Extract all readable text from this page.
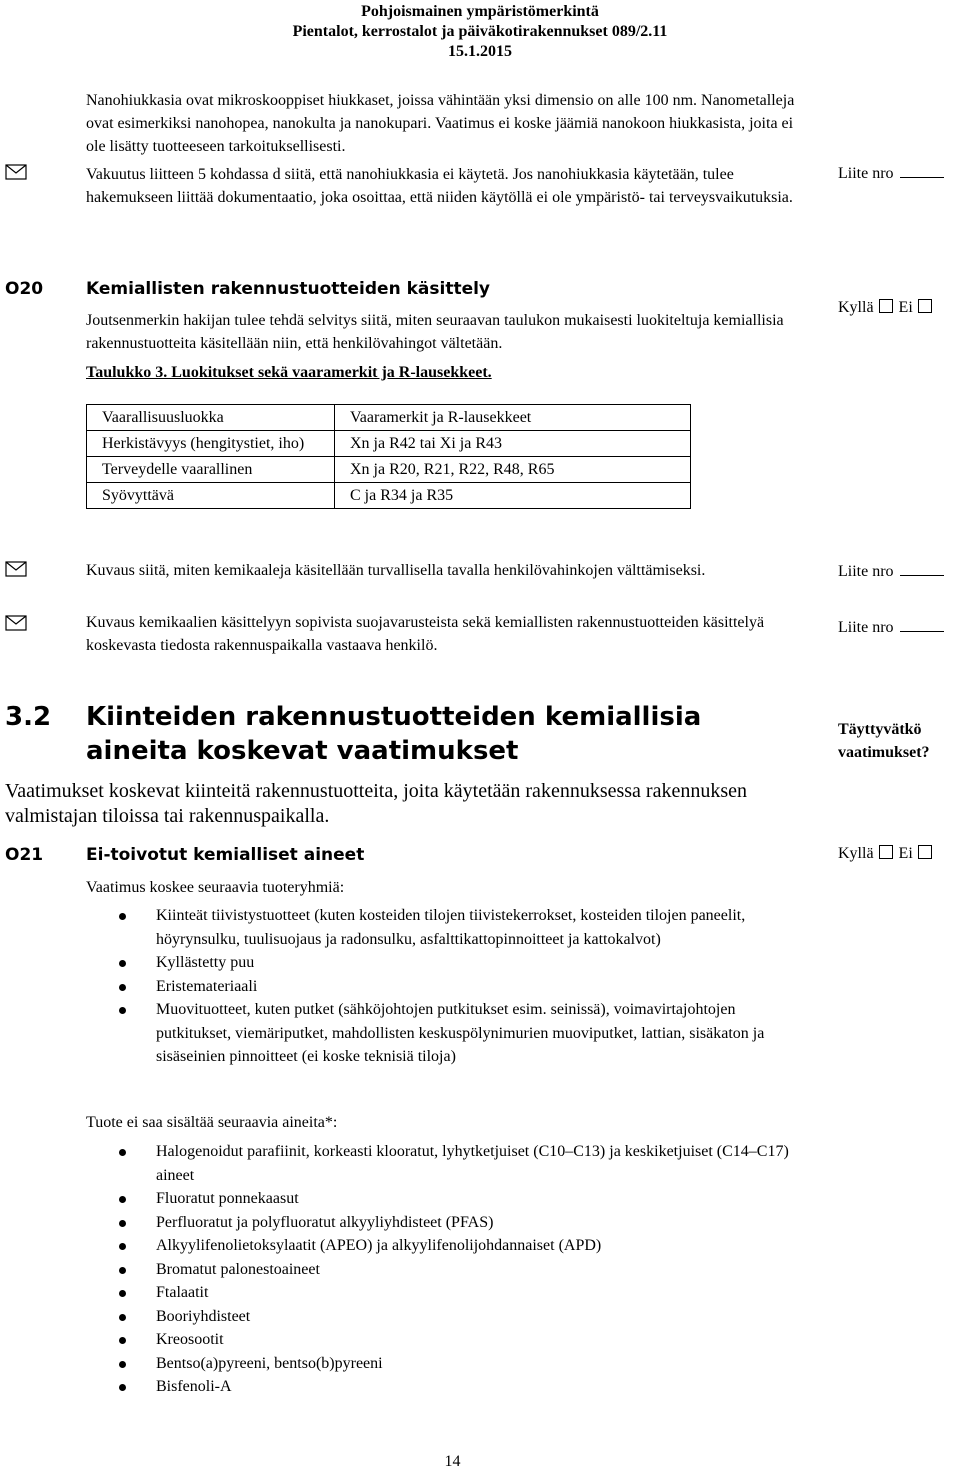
Pohjoismainen ympäristömerkintä
Pientalot, kerrostalot ja päiväkotirakennukset 089/2.11
15.1.2015
Nanohiukkasia ovat mikroskooppiset hiukkaset, joissa vähintään yksi dimensio on alle 100 nm. Nanometalleja ovat esimerkiksi nanohopea, nanokulta ja nanokupari. Vaatimus ei koske jäämiä nanokoon hiukkasista, joita ei ole lisätty tuotteeseen tarkoituksellisesti.
Vakuutus liitteen 5 kohdassa d siitä, että nanohiukkasia ei käytetä. Jos nanohiukkasia käytetään, tulee hakemukseen liittää dokumentaatio, joka osoittaa, että niiden käytöllä ei ole ympäristö- tai terveysvaikutuksia.
Liite nro
O20	Kemiallisten rakennustuotteiden käsittely
Joutsenmerkin hakijan tulee tehdä selvitys siitä, miten seuraavan taulukon mukaisesti luokiteltuja kemiallisia rakennustuotteita käsitellään niin, että henkilövahingot vältetään.
Kyllä Ei
Taulukko 3. Luokitukset sekä vaaramerkit ja R-lausekkeet.
Vaarallisuusluokka	Vaaramerkit ja R-lausekkeet
Herkistävyys (hengitystiet, iho)	Xn ja R42 tai Xi ja R43
Terveydelle vaarallinen	Xn ja R20, R21, R22, R48, R65
Syövyttävä	C ja R34 ja R35
Kuvaus siitä, miten kemikaaleja käsitellään turvallisella tavalla henkilövahinkojen välttämiseksi.	Liite nro
Kuvaus kemikaalien käsittelyyn sopivista suojavarusteista sekä kemiallisten rakennustuotteiden käsittelyä koskevasta tiedosta rakennuspaikalla vastaava henkilö.
Liite nro
3.2 Kiinteiden rakennustuotteiden kemiallisia aineita koskevat vaatimukset
Täyttyvätkö vaatimukset?
Vaatimukset koskevat kiinteitä rakennustuotteita, joita käytetään rakennuksessa rakennuksen valmistajan tiloissa tai rakennuspaikalla.
O21	Ei-toivotut kemialliset aineet	Kyllä Ei
Vaatimus koskee seuraavia tuoteryhmiä:
Kiinteät tiivistystuotteet (kuten kosteiden tilojen tiivistekerrokset, kosteiden tilojen paneelit, höyrynsulku, tuulisuojaus ja radonsulku, asfalttikattopinnoitteet ja kattokalvot)
Kyllästetty puu
Eristemateriaali
Muovituotteet, kuten putket (sähköjohtojen putkitukset esim. seinissä), voimavirtajohtojen putkitukset, viemäriputket, mahdollisten keskuspölynimurien muoviputket, lattian, sisäkaton ja sisäseinien pinnoitteet (ei koske teknisiä tiloja)
Tuote ei saa sisältää seuraavia aineita*:
Halogenoidut parafiinit, korkeasti klooratut, lyhytketjuiset (C10–C13) ja keskiketjuiset (C14–C17) aineet
Fluoratut ponnekaasut
Perfluoratut ja polyfluoratut alkyyliyhdisteet (PFAS)
Alkyylifenolietoksylaatit (APEO) ja alkyylifenolijohdannaiset (APD)
Bromatut palonestoaineet
Ftalaatit
Booriyhdisteet
Kreosootit
Bentso(a)pyreeni, bentso(b)pyreeni
Bisfenoli-A
14
